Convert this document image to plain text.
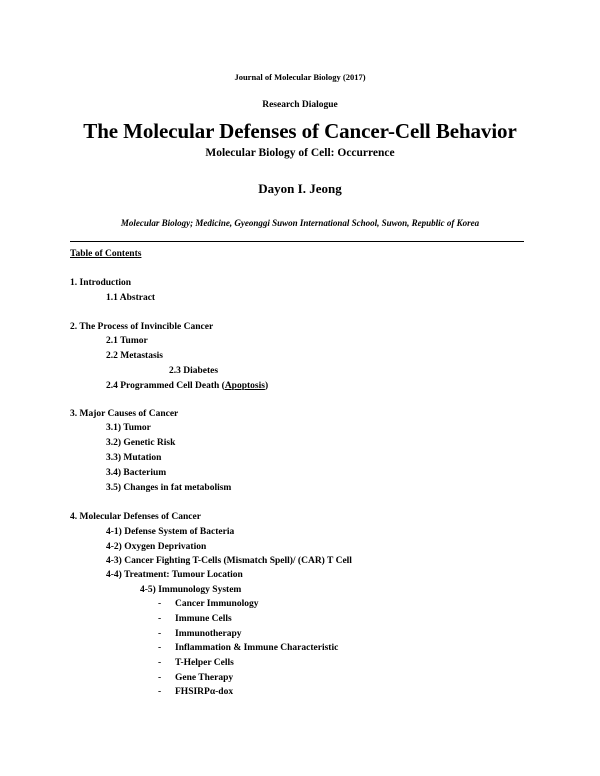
Journal of Molecular Biology (2017)
Research Dialogue
The Molecular Defenses of Cancer-Cell Behavior
Molecular Biology of Cell: Occurrence
Dayon I. Jeong
Molecular Biology; Medicine, Gyeonggi Suwon International School, Suwon, Republic of Korea
Table of Contents
1. Introduction
1.1 Abstract
2. The Process of Invincible Cancer
2.1 Tumor
2.2 Metastasis
2.3 Diabetes
2.4 Programmed Cell Death (Apoptosis)
3. Major Causes of Cancer
3.1) Tumor
3.2) Genetic Risk
3.3) Mutation
3.4) Bacterium
3.5) Changes in fat metabolism
4. Molecular Defenses of Cancer
4-1) Defense System of Bacteria
4-2) Oxygen Deprivation
4-3) Cancer Fighting T-Cells (Mismatch Spell)/ (CAR) T Cell
4-4) Treatment: Tumour Location
4-5) Immunology System
- Cancer Immunology
- Immune Cells
- Immunotherapy
- Inflammation & Immune Characteristic
- T-Helper Cells
- Gene Therapy
- FHSIRPα-dox
